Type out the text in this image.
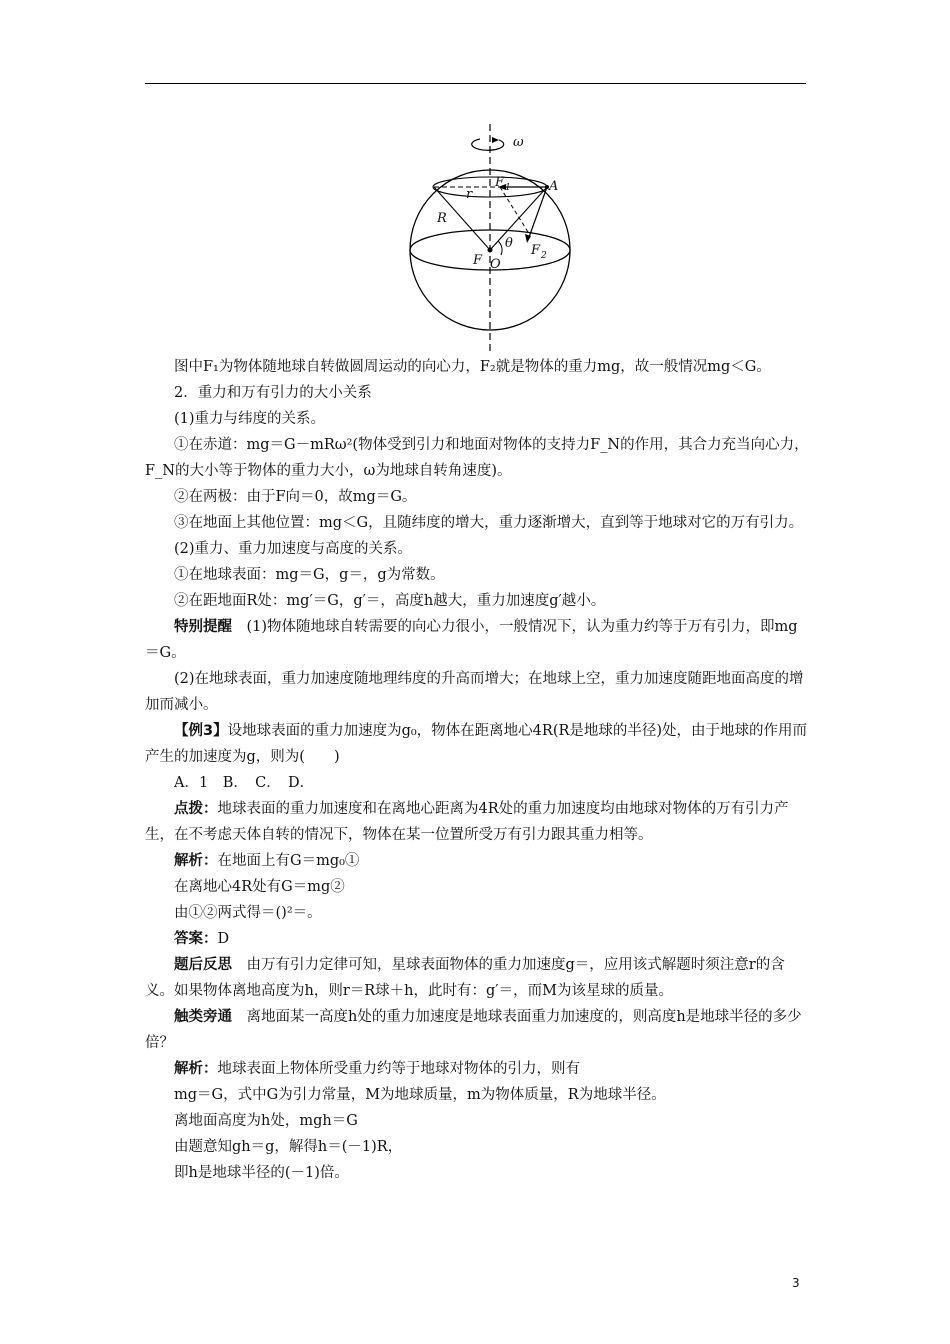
ω
F 1	A
r
R
θ
F O
F 2

图中F₁为物体随地球自转做圆周运动的向心力，F₂就是物体的重力mg，故一般情况mg＜G。

2．重力和万有引力的大小关系

(1)重力与纬度的关系。

①在赤道：mg＝G－mRω²(物体受到引力和地面对物体的支持力F_N的作用，其合力充当向心力，F_N的大小等于物体的重力大小，ω为地球自转角速度)。

②在两极：由于F向＝0，故mg＝G。

③在地面上其他位置：mg＜G，且随纬度的增大，重力逐渐增大，直到等于地球对它的万有引力。

(2)重力、重力加速度与高度的关系。

①在地球表面：mg＝G，g＝，g为常数。

②在距地面R处：mg′＝G，g′＝，高度h越大，重力加速度g′越小。

特别提醒　(1)物体随地球自转需要的向心力很小，一般情况下，认为重力约等于万有引力，即mg＝G。

(2)在地球表面，重力加速度随地理纬度的升高而增大；在地球上空，重力加速度随距地面高度的增加而减小。

【例3】设地球表面的重力加速度为g₀，物体在距离地心4R(R是地球的半径)处，由于地球的作用而产生的加速度为g，则为(　　)

A．1　B．　C．　D．

点拨：地球表面的重力加速度和在离地心距离为4R处的重力加速度均由地球对物体的万有引力产生，在不考虑天体自转的情况下，物体在某一位置所受万有引力跟其重力相等。

解析：在地面上有G＝mg₀①

在离地心4R处有G＝mg②

由①②两式得＝()²＝。

答案：D

题后反思　由万有引力定律可知，星球表面物体的重力加速度g＝，应用该式解题时须注意r的含义。如果物体离地高度为h，则r＝R球＋h，此时有：g′＝，而M为该星球的质量。

触类旁通　离地面某一高度h处的重力加速度是地球表面重力加速度的，则高度h是地球半径的多少倍？

解析：地球表面上物体所受重力约等于地球对物体的引力，则有

mg＝G，式中G为引力常量，M为地球质量，m为物体质量，R为地球半径。

离地面高度为h处，mgh＝G

由题意知gh＝g，解得h＝(－1)R，

即h是地球半径的(－1)倍。

3
